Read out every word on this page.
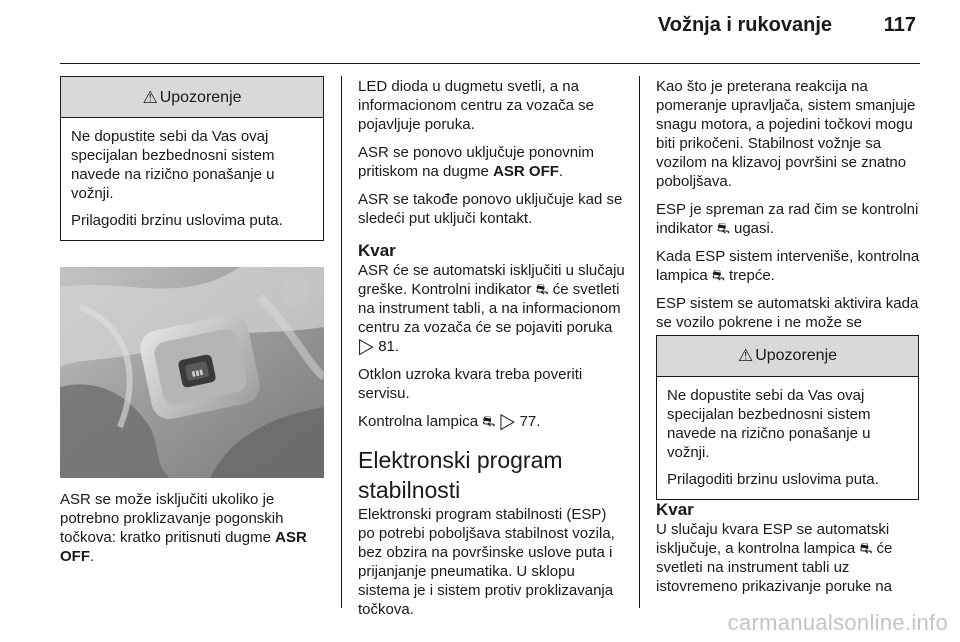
Vožnja i rukovanje	117
⚠ Upozorenje

Ne dopustite sebi da Vas ovaj specijalan bezbednosni sistem navede na rizično ponašanje u vožnji.

Prilagoditi brzinu uslovima puta.

▮▮▮

ASR se može isključiti ukoliko je potrebno proklizavanje pogonskih točkova: kratko pritisnuti dugme ASR OFF.

LED dioda u dugmetu svetli, a na informacionom centru za vozača se pojavljuje poruka.

ASR se ponovo uključuje ponovnim pritiskom na dugme ASR OFF.

ASR se takođe ponovo uključuje kad se sledeći put uključi kontakt.

Kvar

ASR će se automatski isključiti u slučaju greške. Kontrolni indikator ⛐ će svetleti na instrument tabli, a na informacionom centru za vozača će se pojaviti poruka ▷ 81.

Otklon uzroka kvara treba poveriti servisu.

Kontrolna lampica ⛐ ▷ 77.

Elektronski program stabilnosti

Elektronski program stabilnosti (ESP) po potrebi poboljšava stabilnost vozila, bez obzira na površinske uslove puta i prijanjanje pneumatika. U sklopu sistema je i sistem protiv proklizavanja točkova.

Kao što je preterana reakcija na pomeranje upravljača, sistem smanjuje snagu motora, a pojedini točkovi mogu biti prikočeni. Stabilnost vožnje sa vozilom na klizavoj površini se znatno poboljšava.

ESP je spreman za rad čim se kontrolni indikator ⛐ ugasi.

Kada ESP sistem interveniše, kontrolna lampica ⛐ trepće.

ESP sistem se automatski aktivira kada se vozilo pokrene i ne može se

⚠ Upozorenje

Ne dopustite sebi da Vas ovaj specijalan bezbednosni sistem navede na rizično ponašanje u vožnji.

Prilagoditi brzinu uslovima puta.

Kvar

U slučaju kvara ESP se automatski isključuje, a kontrolna lampica ⛐ će svetleti na instrument tabli uz istovremeno prikazivanje poruke na

carmanualsonline.info
